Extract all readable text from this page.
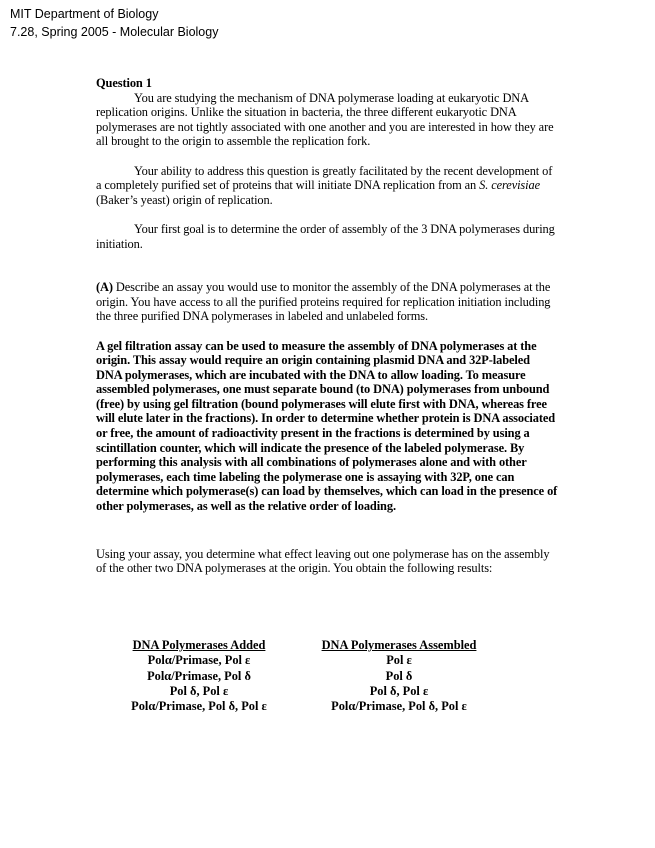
MIT Department of Biology
7.28, Spring 2005 - Molecular Biology

Question 1

You are studying the mechanism of DNA polymerase loading at eukaryotic DNA replication origins. Unlike the situation in bacteria, the three different eukaryotic DNA polymerases are not tightly associated with one another and you are interested in how they are all brought to the origin to assemble the replication fork.

Your ability to address this question is greatly facilitated by the recent development of a completely purified set of proteins that will initiate DNA replication from an S. cerevisiae (Baker’s yeast) origin of replication.

Your first goal is to determine the order of assembly of the 3 DNA polymerases during initiation.

(A) Describe an assay you would use to monitor the assembly of the DNA polymerases at the origin. You have access to all the purified proteins required for replication initiation including the three purified DNA polymerases in labeled and unlabeled forms.

A gel filtration assay can be used to measure the assembly of DNA polymerases at the origin. This assay would require an origin containing plasmid DNA and 32P-labeled DNA polymerases, which are incubated with the DNA to allow loading. To measure assembled polymerases, one must separate bound (to DNA) polymerases from unbound (free) by using gel filtration (bound polymerases will elute first with DNA, whereas free will elute later in the fractions). In order to determine whether protein is DNA associated or free, the amount of radioactivity present in the fractions is determined by using a scintillation counter, which will indicate the presence of the labeled polymerase. By performing this analysis with all combinations of polymerases alone and with other polymerases, each time labeling the polymerase one is assaying with 32P, one can determine which polymerase(s) can load by themselves, which can load in the presence of other polymerases, as well as the relative order of loading.

Using your assay, you determine what effect leaving out one polymerase has on the assembly of the other two DNA polymerases at the origin. You obtain the following results:

DNA Polymerases Added		DNA Polymerases Assembled
Polα/Primase, Pol ε		Pol ε
Polα/Primase, Pol δ		Pol δ
Pol δ, Pol ε		Pol δ, Pol ε
Polα/Primase, Pol δ, Pol ε		Polα/Primase, Pol δ, Pol ε
